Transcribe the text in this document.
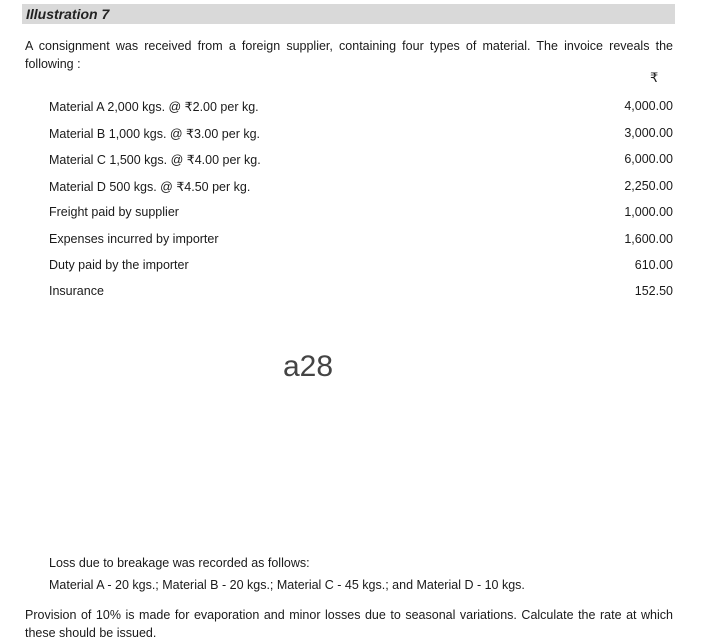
Illustration 7
A consignment was received from a foreign supplier, containing four types of material. The invoice reveals the following :
₹
Material A 2,000 kgs. @ ₹2.00 per kg.	4,000.00
Material B 1,000 kgs. @ ₹3.00 per kg.	3,000.00
Material C 1,500 kgs. @ ₹4.00 per kg.	6,000.00
Material D 500 kgs. @ ₹4.50 per kg.	2,250.00
Freight paid by supplier	1,000.00
Expenses incurred by importer	1,600.00
Duty paid by the importer	610.00
Insurance	152.50
a28
Loss due to breakage was recorded as follows:
Material A - 20 kgs.; Material B - 20 kgs.; Material C - 45 kgs.; and Material D - 10 kgs.
Provision of 10% is made for evaporation and minor losses due to seasonal variations. Calculate the rate at which these should be issued.
